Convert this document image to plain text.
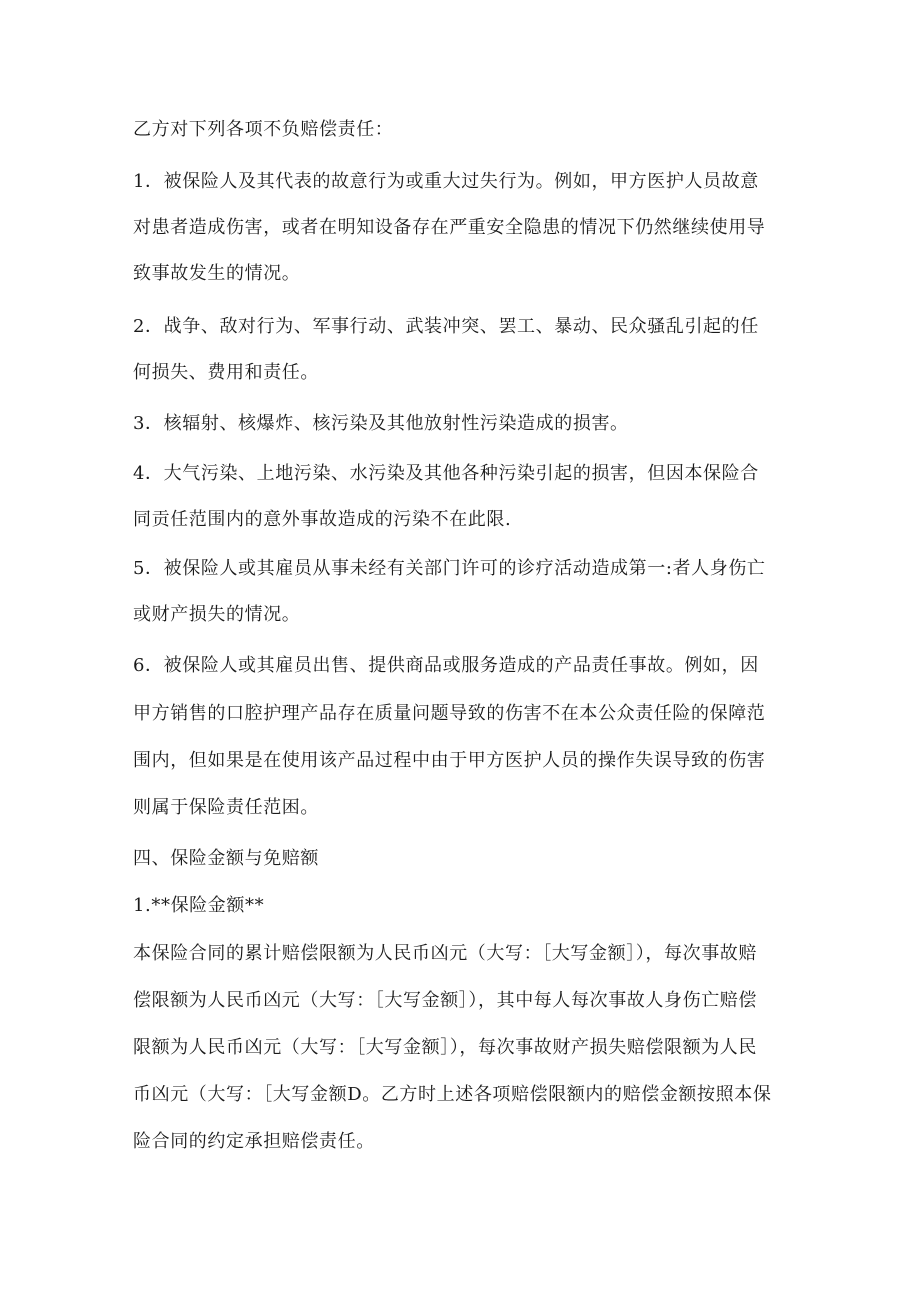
乙方对下列各项不负赔偿责任：
1．被保险人及其代表的故意行为或重大过失行为。例如，甲方医护人员故意
对患者造成伤害，或者在明知设备存在严重安全隐患的情况下仍然继续使用导
致事故发生的情况。
2．战争、敌对行为、军事行动、武装冲突、罢工、暴动、民众骚乱引起的任
何损失、费用和责任。
3．核辐射、核爆炸、核污染及其他放射性污染造成的损害。
4．大气污染、上地污染、水污染及其他各种污染引起的损害，但因本保险合
同贡任范围内的意外事故造成的污染不在此限.
5．被保险人或其雇员从事未经有关部门许可的诊疗活动造成第一:者人身伤亡
或财产损失的情况。
6．被保险人或其雇员出售、提供商品或服务造成的产品责任事故。例如，因
甲方销售的口腔护理产品存在质量问题导致的伤害不在本公众责任险的保障范
围内，但如果是在使用该产品过程中由于甲方医护人员的操作失误导致的伤害
则属于保险责任范困。
四、保险金额与免赔额
1.**保险金额**
本保险合同的累计赔偿限额为人民币凶元（大写：［大写金额］），每次事故赔
偿限额为人民币凶元（大写：［大写金额］），其中每人每次事故人身伤亡赔偿
限额为人民币凶元（大写：［大写金额］），每次事故财产损失赔偿限额为人民
币凶元（大写：［大写金额D。乙方时上述各项赔偿限额内的赔偿金额按照本保
险合同的约定承担赔偿责任。
